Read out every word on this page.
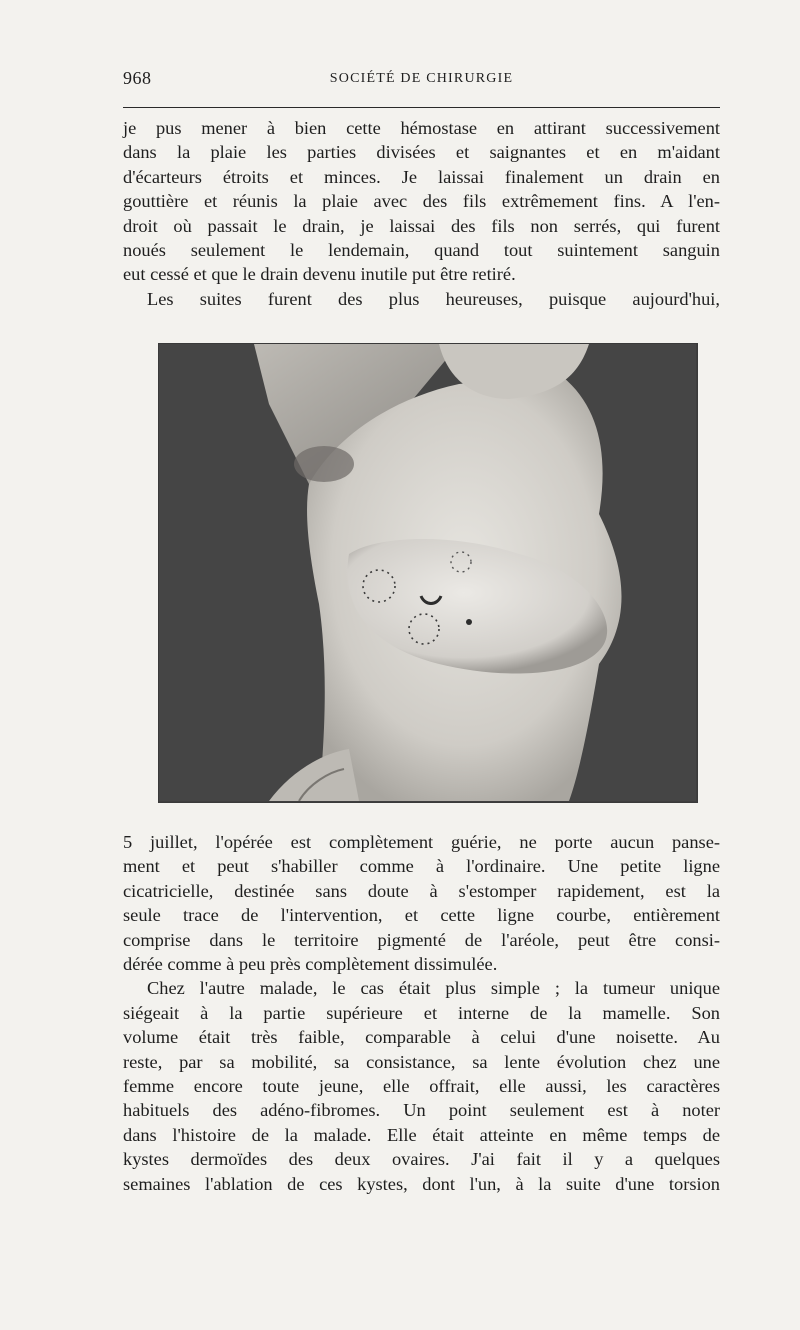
968	SOCIÉTÉ DE CHIRURGIE
je pus mener à bien cette hémostase en attirant successivement
dans la plaie les parties divisées et saignantes et en m'aidant
d'écarteurs étroits et minces. Je laissai finalement un drain en
gouttière et réunis la plaie avec des fils extrêmement fins. A l'en-
droit où passait le drain, je laissai des fils non serrés, qui furent
noués seulement le lendemain, quand tout suintement sanguin
eut cessé et que le drain devenu inutile put être retiré.
Les suites furent des plus heureuses, puisque aujourd'hui,
5 juillet, l'opérée est complètement guérie, ne porte aucun panse-
ment et peut s'habiller comme à l'ordinaire. Une petite ligne
cicatricielle, destinée sans doute à s'estomper rapidement, est la
seule trace de l'intervention, et cette ligne courbe, entièrement
comprise dans le territoire pigmenté de l'aréole, peut être consi-
dérée comme à peu près complètement dissimulée.
Chez l'autre malade, le cas était plus simple ; la tumeur unique
siégeait à la partie supérieure et interne de la mamelle. Son
volume était très faible, comparable à celui d'une noisette. Au
reste, par sa mobilité, sa consistance, sa lente évolution chez une
femme encore toute jeune, elle offrait, elle aussi, les caractères
habituels des adéno-fibromes. Un point seulement est à noter
dans l'histoire de la malade. Elle était atteinte en même temps de
kystes dermoïdes des deux ovaires. J'ai fait il y a quelques
semaines l'ablation de ces kystes, dont l'un, à la suite d'une torsion
